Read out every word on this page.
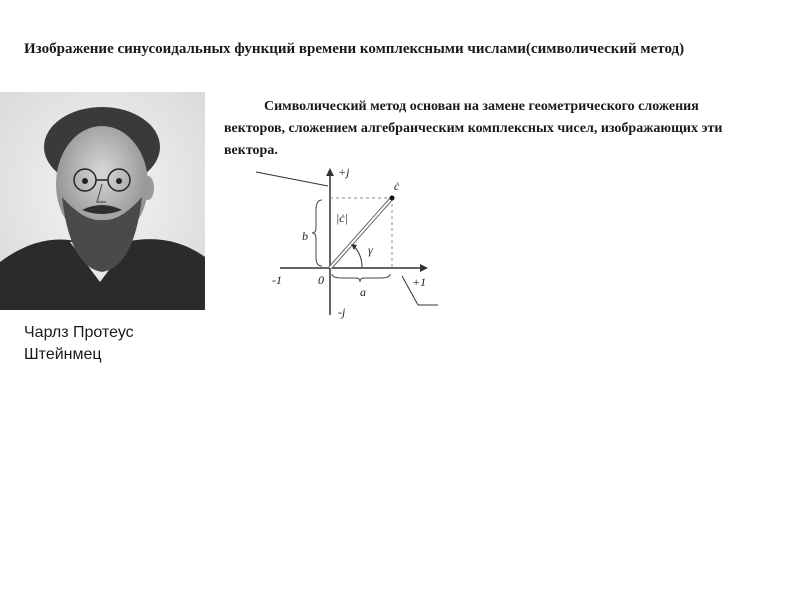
Изображение синусоидальных функций времени комплексными числами(символический метод)
Чарлз Протеус
Штейнмец

Символический метод основан на замене геометрического сложения векторов, сложением алгебраическим комплексных чисел, изображающих эти вектора.

+j
ċ
|ċ|
b
γ
-1	0	+1
a
-j
